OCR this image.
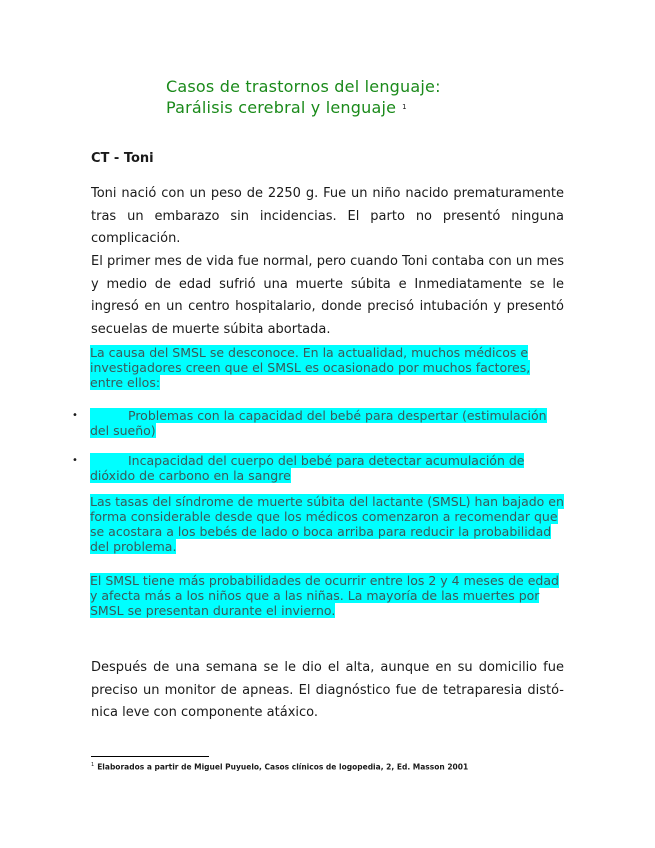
Casos de trastornos del lenguaje:
Parálisis cerebral y lenguaje $^1$
CT - Toni

Toni nació con un peso de 2250 g. Fue un niño nacido prematuramente tras un embarazo sin incidencias. El parto no presentó ninguna complicación.

El primer mes de vida fue normal, pero cuando Toni contaba con un mes y medio de edad sufrió una muerte súbita e Inmediatamente se le ingresó en un centro hospitalario, donde precisó intubación y presentó secuelas de muerte súbita abortada.

La causa del SMSL se desconoce. En la actualidad, muchos médicos e investigadores creen que el SMSL es ocasionado por muchos factores, entre ellos:

•	Problemas con la capacidad del bebé para despertar (estimulación del sueño)

•	Incapacidad del cuerpo del bebé para detectar acumulación de dióxido de carbono en la sangre

Las tasas del síndrome de muerte súbita del lactante (SMSL) han bajado en forma considerable desde que los médicos comenzaron a recomendar que se acostara a los bebés de lado o boca arriba para reducir la probabilidad del problema.

El SMSL tiene más probabilidades de ocurrir entre los 2 y 4 meses de edad y afecta más a los niños que a las niñas. La mayoría de las muertes por SMSL se presentan durante el invierno.

Después de una semana se le dio el alta, aunque en su domicilio fue preciso un monitor de apneas. El diagnóstico fue de tetraparesia distó-nica leve con componente atáxico.

$^1$ Elaborados a partir de Miguel Puyuelo, Casos clínicos de logopedia, 2, Ed. Masson 2001
